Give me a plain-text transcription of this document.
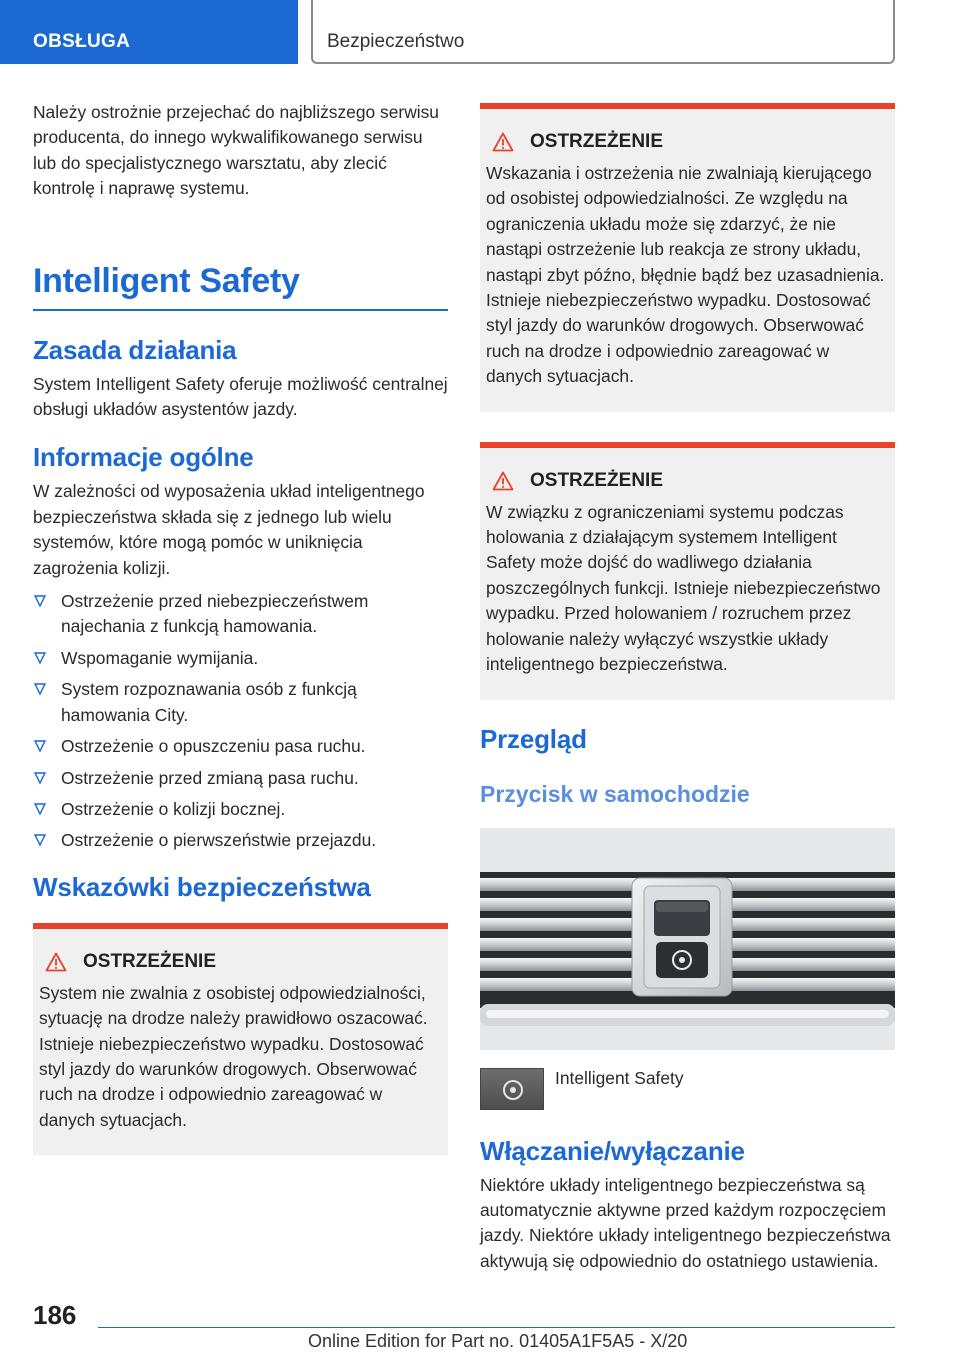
OBSŁUGA	Bezpieczeństwo

Należy ostrożnie przejechać do najbliższego serwisu producenta, do innego wykwalifikowanego serwisu lub do specjalistycznego warsztatu, aby zlecić kontrolę i naprawę systemu.

Intelligent Safety
Zasada działania

System Intelligent Safety oferuje możliwość centralnej obsługi układów asystentów jazdy.

Informacje ogólne

W zależności od wyposażenia układ inteligentnego bezpieczeństwa składa się z jednego lub wielu systemów, które mogą pomóc w uniknięcia zagrożenia kolizji.

Ostrzeżenie przed niebezpieczeństwem najechania z funkcją hamowania.
Wspomaganie wymijania.
System rozpoznawania osób z funkcją hamowania City.
Ostrzeżenie o opuszczeniu pasa ruchu.
Ostrzeżenie przed zmianą pasa ruchu.
Ostrzeżenie o kolizji bocznej.
Ostrzeżenie o pierwszeństwie przejazdu.
Wskazówki bezpieczeństwa
OSTRZEŻENIE

System nie zwalnia z osobistej odpowiedzialności, sytuację na drodze należy prawidłowo oszacować. Istnieje niebezpieczeństwo wypadku. Dostosować styl jazdy do warunków drogowych. Obserwować ruch na drodze i odpowiednio zareagować w danych sytuacjach.

OSTRZEŻENIE

Wskazania i ostrzeżenia nie zwalniają kierującego od osobistej odpowiedzialności. Ze względu na ograniczenia układu może się zdarzyć, że nie nastąpi ostrzeżenie lub reakcja ze strony układu, nastąpi zbyt późno, błędnie bądź bez uzasadnienia. Istnieje niebezpieczeństwo wypadku. Dostosować styl jazdy do warunków drogowych. Obserwować ruch na drodze i odpowiednio zareagować w danych sytuacjach.

OSTRZEŻENIE

W związku z ograniczeniami systemu podczas holowania z działającym systemem Intelligent Safety może dojść do wadliwego działania poszczególnych funkcji. Istnieje niebezpieczeństwo wypadku. Przed holowaniem / rozruchem przez holowanie należy wyłączyć wszystkie układy inteligentnego bezpieczeństwa.

Przegląd
Przycisk w samochodzie
Intelligent Safety
Włączanie/wyłączanie

Niektóre układy inteligentnego bezpieczeństwa są automatycznie aktywne przed każdym rozpoczęciem jazdy. Niektóre układy inteligentnego bezpieczeństwa aktywują się odpowiednio do ostatniego ustawienia.

186
Online Edition for Part no. 01405A1F5A5 - X/20
